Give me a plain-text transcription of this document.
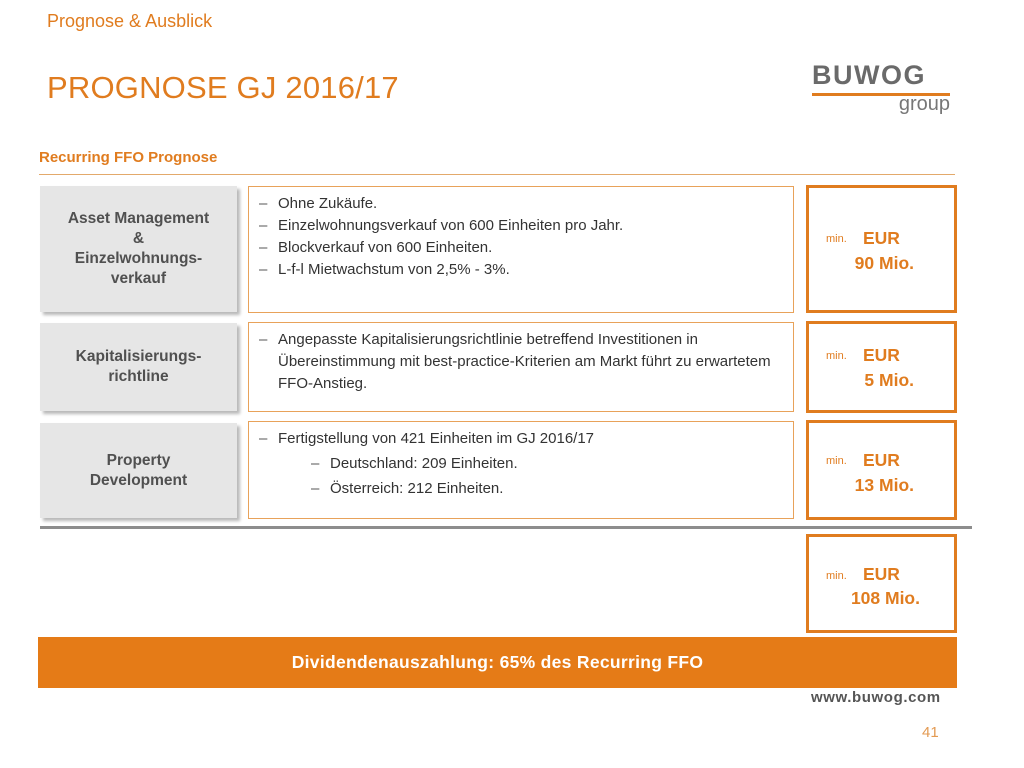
Prognose & Ausblick
PROGNOSE GJ 2016/17	BUWOG
group
Recurring FFO Prognose
Asset Management
&
Einzelwohnungs-
verkauf
– Ohne Zukäufe.
– Einzelwohnungsverkauf von 600 Einheiten pro Jahr.
– Blockverkauf von 600 Einheiten.
– L-f-l Mietwachstum von 2,5% - 3%.
min. EUR
90 Mio.
Kapitalisierungs-
richtline
– Angepasste Kapitalisierungsrichtlinie betreffend Investitionen in Übereinstimmung mit best-practice-Kriterien am Markt führt zu erwartetem FFO-Anstieg.
min. EUR
5 Mio.
Property
Development
– Fertigstellung von 421 Einheiten im GJ 2016/17
– Deutschland: 209 Einheiten.
– Österreich: 212 Einheiten.
min. EUR
13 Mio.
min. EUR
108 Mio.
Dividendenauszahlung: 65% des Recurring FFO
www.buwog.com
41
